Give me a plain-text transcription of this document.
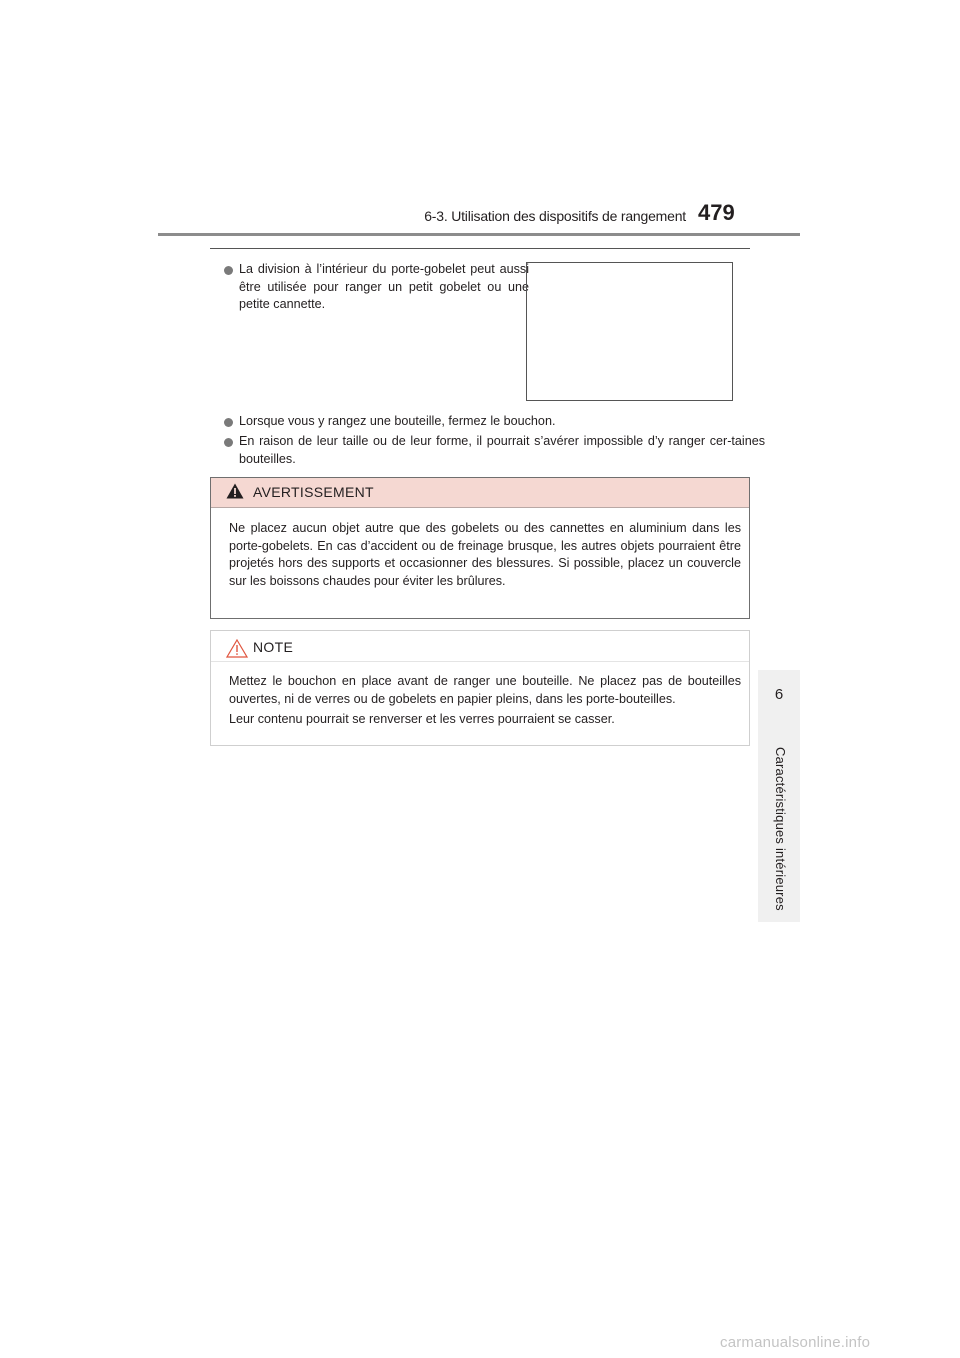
6-3. Utilisation des dispositifs de rangement 479
6
Caractéristiques intérieures
La division à l’intérieur du porte-gobelet peut aussi être utilisée pour ranger un petit gobelet ou une petite cannette.
Lorsque vous y rangez une bouteille, fermez le bouchon.
En raison de leur taille ou de leur forme, il pourrait s’avérer impossible d’y ranger cer-taines bouteilles.
AVERTISSEMENT
Ne placez aucun objet autre que des gobelets ou des cannettes en aluminium dans les porte-gobelets. En cas d’accident ou de freinage brusque, les autres objets pourraient être projetés hors des supports et occasionner des blessures. Si possible, placez un couvercle sur les boissons chaudes pour éviter les brûlures.
NOTE
Mettez le bouchon en place avant de ranger une bouteille. Ne placez pas de bouteilles ouvertes, ni de verres ou de gobelets en papier pleins, dans les porte-bouteilles.
Leur contenu pourrait se renverser et les verres pourraient se casser.
carmanualsonline.info
